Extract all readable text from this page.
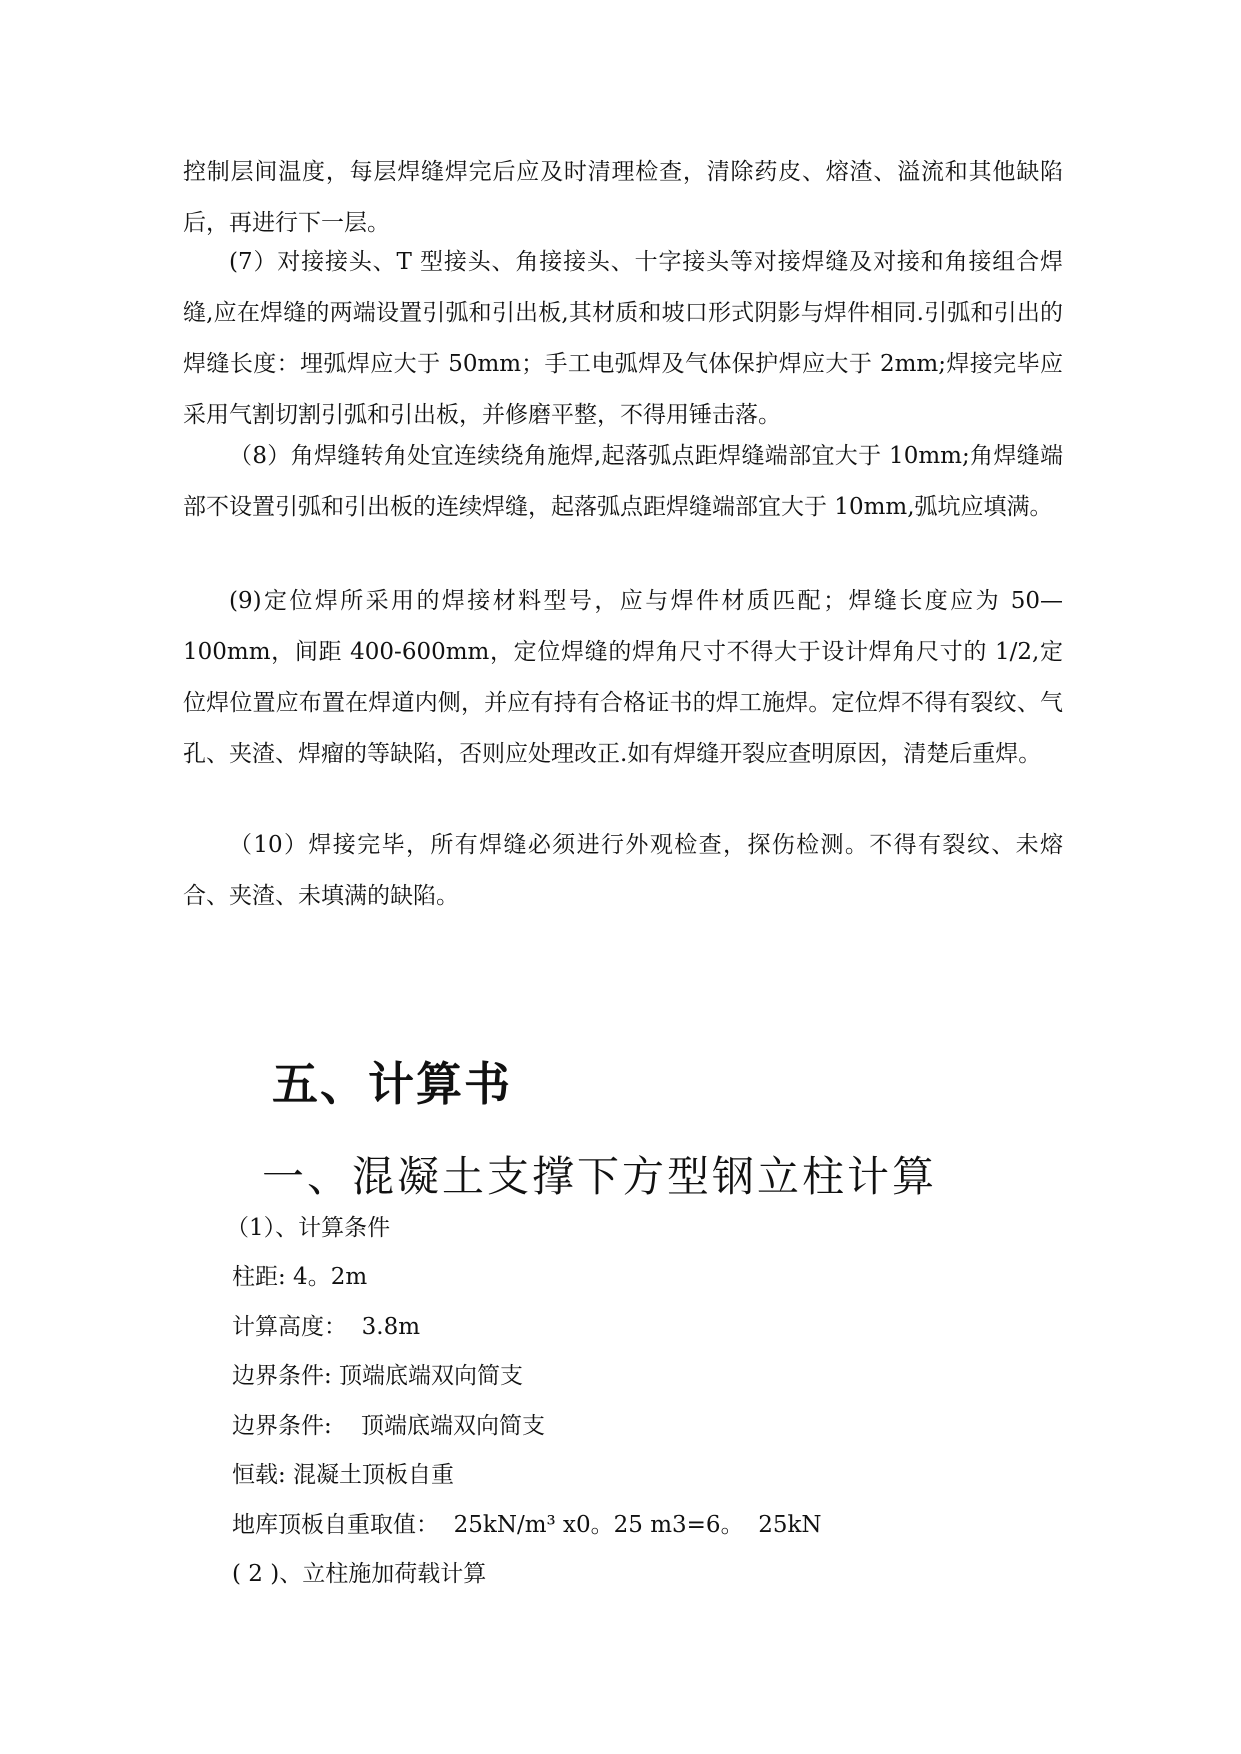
控制层间温度，每层焊缝焊完后应及时清理检查，清除药皮、熔渣、溢流和其他缺陷后，再进行下一层。

(7）对接接头、T 型接头、角接接头、十字接头等对接焊缝及对接和角接组合焊缝,应在焊缝的两端设置引弧和引出板,其材质和坡口形式阴影与焊件相同.引弧和引出的焊缝长度：埋弧焊应大于 50mm；手工电弧焊及气体保护焊应大于 2mm;焊接完毕应采用气割切割引弧和引出板，并修磨平整，不得用锤击落。

（8）角焊缝转角处宜连续绕角施焊,起落弧点距焊缝端部宜大于 10mm;角焊缝端部不设置引弧和引出板的连续焊缝，起落弧点距焊缝端部宜大于 10mm,弧坑应填满。

(9)定位焊所采用的焊接材料型号，应与焊件材质匹配；焊缝长度应为 50—100mm，间距 400-600mm，定位焊缝的焊角尺寸不得大于设计焊角尺寸的 1/2,定位焊位置应布置在焊道内侧，并应有持有合格证书的焊工施焊。定位焊不得有裂纹、气孔、夹渣、焊瘤的等缺陷，否则应处理改正.如有焊缝开裂应查明原因，清楚后重焊。

（10）焊接完毕，所有焊缝必须进行外观检查，探伤检测。不得有裂纹、未熔合、夹渣、未填满的缺陷。

五、计算书
一、混凝土支撑下方型钢立柱计算

（1）、计算条件

柱距: 4。2m

计算高度：  3.8m

边界条件: 顶端底端双向简支

边界条件:    顶端底端双向简支

恒载: 混凝土顶板自重

地库顶板自重取值：  25kN/m³ x0。25 m3=6。  25kN

( 2 )、立柱施加荷载计算
